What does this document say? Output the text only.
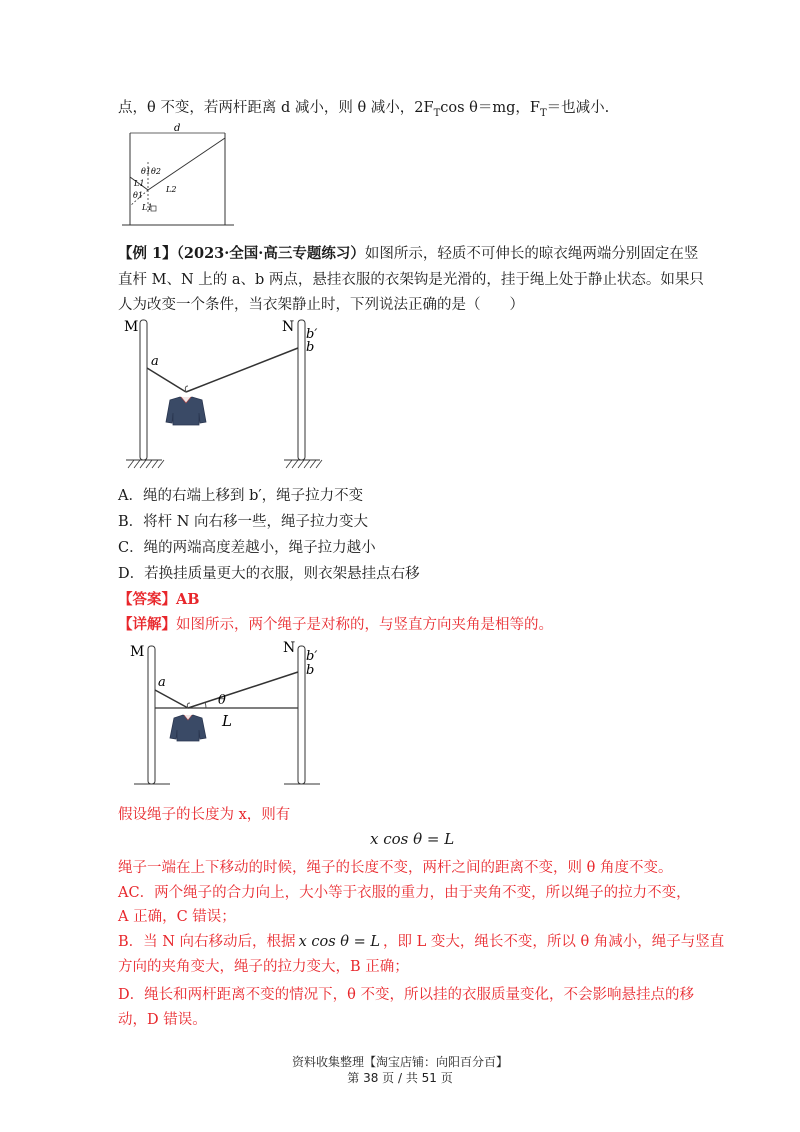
点，θ 不变，若两杆距离 d 减小，则 θ 减小，$2F_T\cos$ θ＝mg，$F_T=$也减小.
d
θ1 θ2
L1
L2
θ1
L1
【例 1】（2023·全国·高三专题练习）如图所示，轻质不可伸长的晾衣绳两端分别固定在竖
直杆 M、N 上的 a、b 两点，悬挂衣服的衣架钩是光滑的，挂于绳上处于静止状态。如果只
人为改变一个条件，当衣架静止时，下列说法正确的是（　　）
M	N
a
b′
b
A．绳的右端上移到 b′，绳子拉力不变
B．将杆 N 向右移一些，绳子拉力变大
C．绳的两端高度差越小，绳子拉力越小
D．若换挂质量更大的衣服，则衣架悬挂点右移
【答案】AB
【详解】如图所示，两个绳子是对称的，与竖直方向夹角是相等的。
M	N
a
b′
b
θ
L
假设绳子的长度为 x，则有
x cos θ = L
绳子一端在上下移动的时候，绳子的长度不变，两杆之间的距离不变，则 θ 角度不变。
AC．两个绳子的合力向上，大小等于衣服的重力，由于夹角不变，所以绳子的拉力不变，
A 正确，C 错误；
B．当 N 向右移动后，根据 x cos θ = L ，即 L 变大，绳长不变，所以 θ 角减小，绳子与竖直
方向的夹角变大，绳子的拉力变大，B 正确；
D．绳长和两杆距离不变的情况下，θ 不变，所以挂的衣服质量变化，不会影响悬挂点的移
动，D 错误。
资料收集整理【淘宝店铺：向阳百分百】
第 38 页 / 共 51 页
